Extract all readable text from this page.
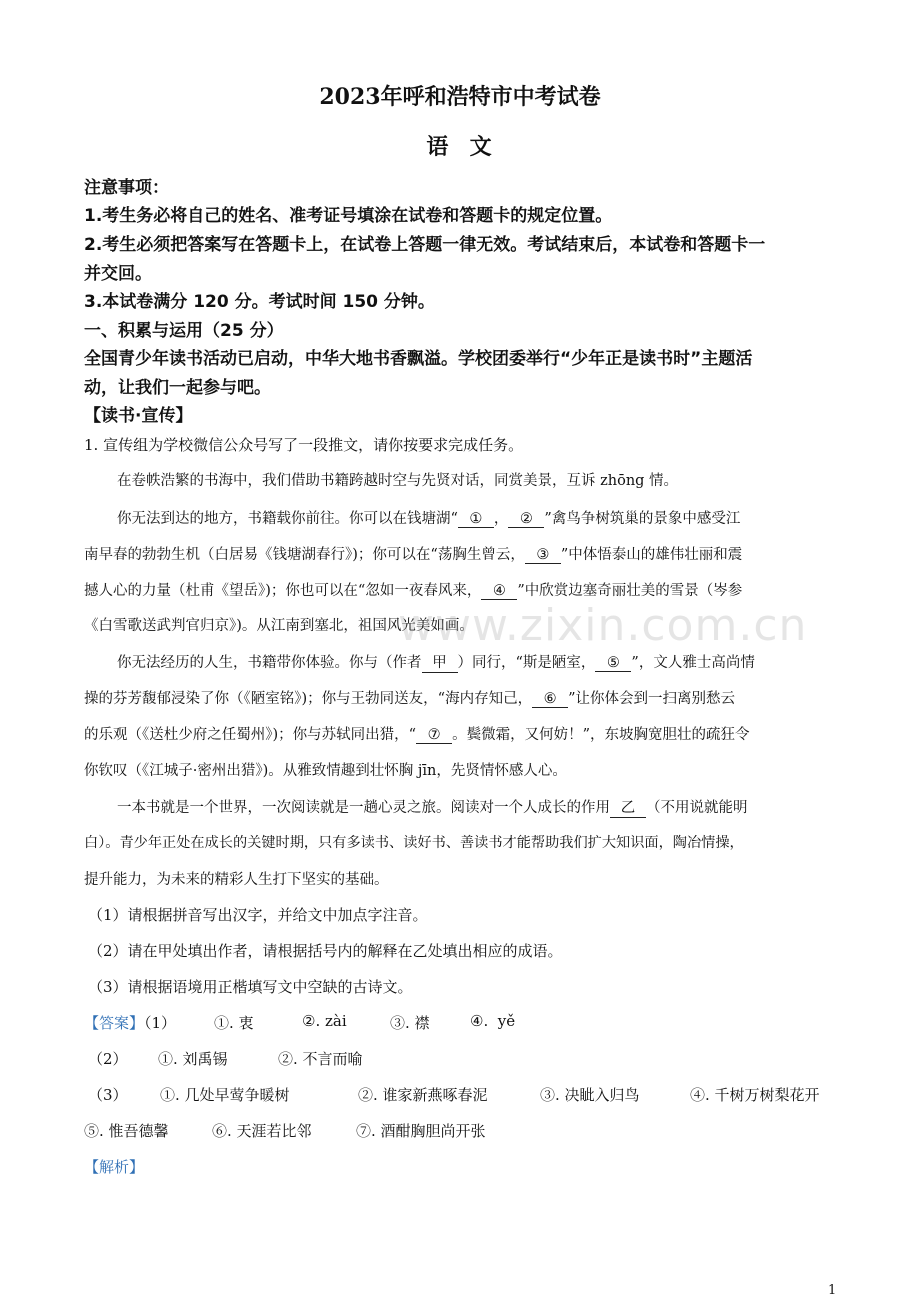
2023年呼和浩特市中考试卷
语  文
注意事项：
1.考生务必将自己的姓名、准考证号填涂在试卷和答题卡的规定位置。
2.考生必须把答案写在答题卡上，在试卷上答题一律无效。考试结束后，本试卷和答题卡一
并交回。
3.本试卷满分 120 分。考试时间 150 分钟。
一、积累与运用（25 分）
全国青少年读书活动已启动，中华大地书香飘溢。学校团委举行“少年正是读书时”主题活
动，让我们一起参与吧。
【读书·宣传】
1. 宣传组为学校微信公众号写了一段推文，请你按要求完成任务。
在卷帙浩繁的书海中，我们借助书籍跨越时空与先贤对话，同赏美景，互诉 zhōng 情。
你无法到达的地方，书籍载你前往。你可以在钱塘湖“ ① ， ② ”禽鸟争树筑巢的景象中感受江
南早春的勃勃生机（白居易《钱塘湖春行》)；你可以在“荡胸生曾云， ③ ”中体悟泰山的雄伟壮丽和震
撼人心的力量（杜甫《望岳》)；你也可以在“忽如一夜春风来， ④ ”中欣赏边塞奇丽壮美的雪景（岑参
《白雪歌送武判官归京》)。从江南到塞北，祖国风光美如画。
你无法经历的人生，书籍带你体验。你与（作者 甲 ）同行，“斯是陋室， ⑤ ”，文人雅士高尚情
操的芬芳馥郁浸染了你（《陋室铭》)；你与王勃同送友，“海内存知己， ⑥ ”让你体会到一扫离别愁云
的乐观（《送杜少府之任蜀州》)；你与苏轼同出猎，“ ⑦ 。鬓微霜，又何妨！”，东坡胸宽胆壮的疏狂令
你钦叹（《江城子·密州出猎》)。从雅致情趣到壮怀胸 jīn，先贤情怀感人心。
一本书就是一个世界，一次阅读就是一趟心灵之旅。阅读对一个人成长的作用 乙 （不用说就能明
白）。青少年正处在成长的关键时期，只有多读书、读好书、善读书才能帮助我们扩大知识面，陶冶情操，
提升能力，为未来的精彩人生打下坚实的基础。
www.zixin.com.cn
（1）请根据拼音写出汉字，并给文中加点字注音。
（2）请在甲处填出作者，请根据括号内的解释在乙处填出相应的成语。
（3）请根据语境用正楷填写文中空缺的古诗文。
【答案】（1）	①. 衷	②. zài	③. 襟	④.  yě
（2） ①. 刘禹锡	②. 不言而喻
（3） ①. 几处早莺争暖树	②. 谁家新燕啄春泥	③. 决眦入归鸟	④. 千树万树梨花开
⑤. 惟吾德馨	⑥. 天涯若比邻	⑦. 酒酣胸胆尚开张
【解析】
1
